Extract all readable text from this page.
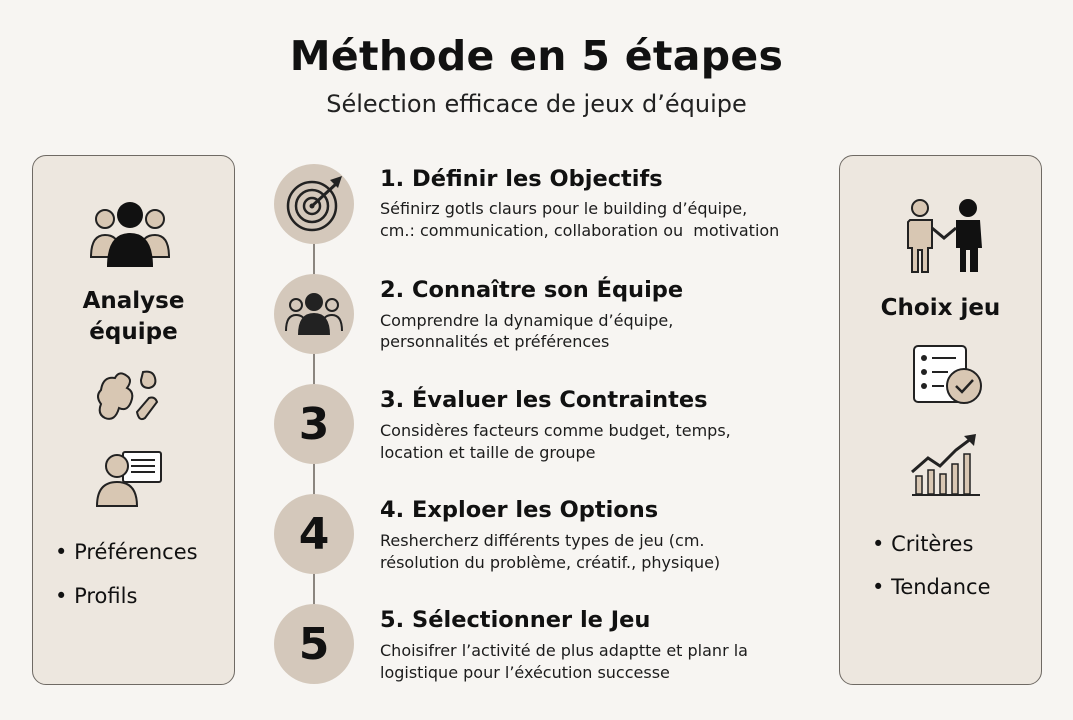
Méthode en 5 étapes
Sélection efficace de jeux d’équipe
Analyse
équipe
• Préférences
• Profils
Choix jeu
• Critères
• Tendance
1. Définir les Objectifs
Séfinirz gotls claurs pour le building d’équipe,
cm.: communication, collaboration ou  motivation
2. Connaître son Équipe
Comprendre la dynamique d’équipe,
personnalités et préférences
3 3. Évaluer les Contraintes
Considères facteurs comme budget, temps,
location et taille de groupe
4 4. Exploer les Options
Reshercherz différents types de jeu (cm.
résolution du problème, créatif., physique)
5 5. Sélectionner le Jeu
Choisifrer l’activité de plus adaptte et planr la
logistique pour l’éxécution successe
